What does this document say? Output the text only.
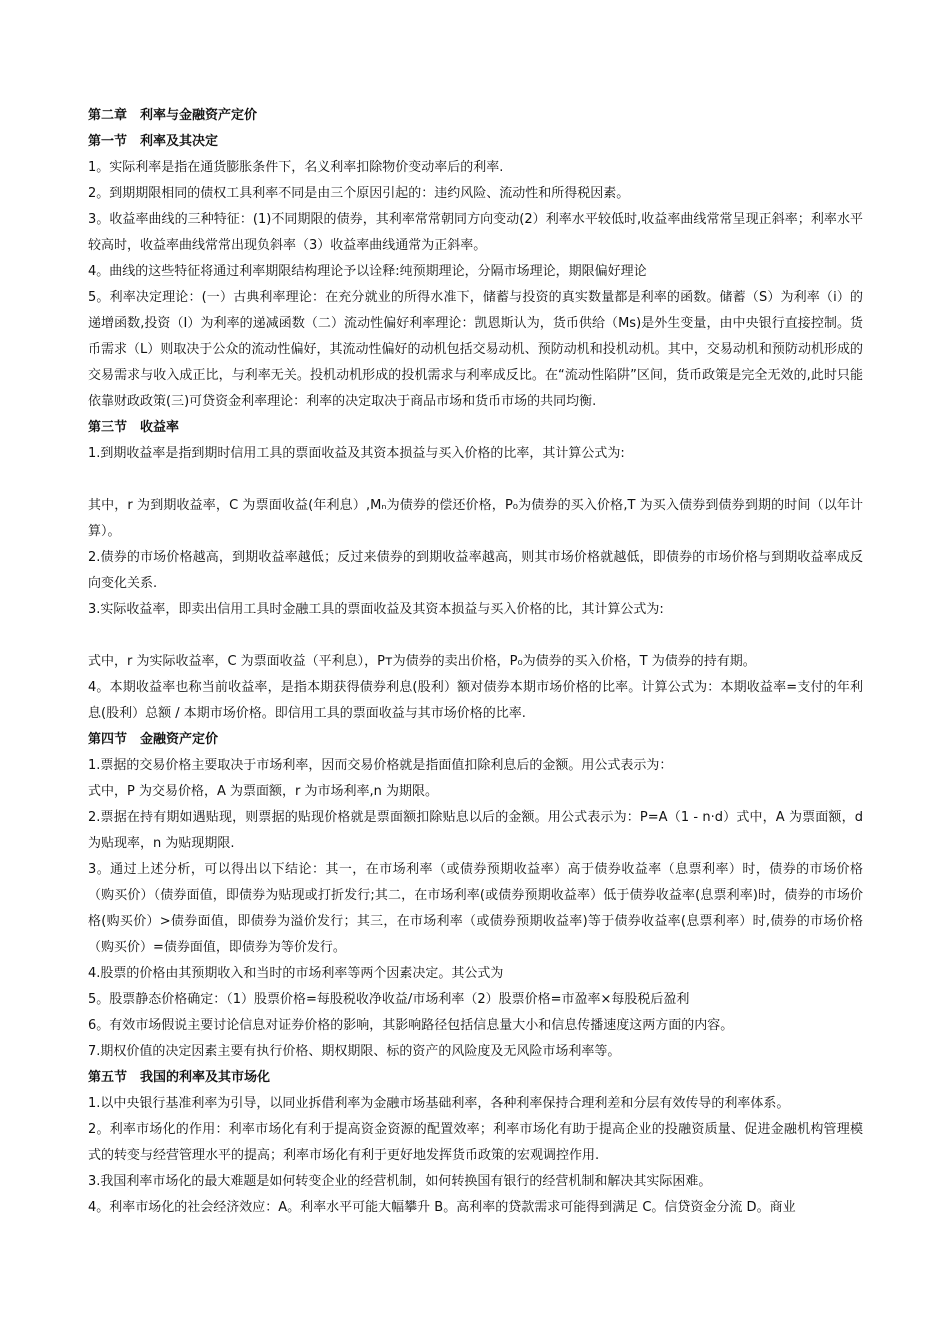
第二章　利率与金融资产定价

第一节　利率及其决定

1。实际利率是指在通货膨胀条件下，名义利率扣除物价变动率后的利率.

2。到期期限相同的债权工具利率不同是由三个原因引起的：违约风险、流动性和所得税因素。

3。收益率曲线的三种特征：(1)不同期限的债券，其利率常常朝同方向变动(2）利率水平较低时,收益率曲线常常呈现正斜率；利率水平较高时，收益率曲线常常出现负斜率（3）收益率曲线通常为正斜率。

4。曲线的这些特征将通过利率期限结构理论予以诠释:纯预期理论，分隔市场理论，期限偏好理论

5。利率决定理论：(一）古典利率理论：在充分就业的所得水准下，储蓄与投资的真实数量都是利率的函数。储蓄（S）为利率（i）的递增函数,投资（I）为利率的递减函数（二）流动性偏好利率理论：凯恩斯认为，货币供给（Ms)是外生变量，由中央银行直接控制。货币需求（L）则取决于公众的流动性偏好，其流动性偏好的动机包括交易动机、预防动机和投机动机。其中，交易动机和预防动机形成的交易需求与收入成正比，与利率无关。投机动机形成的投机需求与利率成反比。在“流动性陷阱”区间，货币政策是完全无效的,此时只能依靠财政政策(三)可贷资金利率理论：利率的决定取决于商品市场和货币市场的共同均衡.

第三节　收益率

1.到期收益率是指到期时信用工具的票面收益及其资本损益与买入价格的比率，其计算公式为:

其中，r 为到期收益率，C 为票面收益(年利息）,Mₙ为债券的偿还价格，P₀为债券的买入价格,T 为买入债券到债券到期的时间（以年计算）。

2.债券的市场价格越高，到期收益率越低；反过来债券的到期收益率越高，则其市场价格就越低，即债券的市场价格与到期收益率成反向变化关系.

3.实际收益率，即卖出信用工具时金融工具的票面收益及其资本损益与买入价格的比，其计算公式为:

式中，r 为实际收益率，C 为票面收益（平利息），Pᴛ为债券的卖出价格，P₀为债券的买入价格，T 为债券的持有期。

4。本期收益率也称当前收益率，是指本期获得债券利息(股利）额对债券本期市场价格的比率。计算公式为：本期收益率=支付的年利息(股利）总额 / 本期市场价格。即信用工具的票面收益与其市场价格的比率.

第四节　金融资产定价

1.票据的交易价格主要取决于市场利率，因而交易价格就是指面值扣除利息后的金额。用公式表示为：

式中，P 为交易价格，A 为票面额，r 为市场利率,n 为期限。

2.票据在持有期如遇贴现，则票据的贴现价格就是票面额扣除贴息以后的金额。用公式表示为：P=A（1 - n·d）式中，A 为票面额，d 为贴现率，n 为贴现期限.

3。通过上述分析，可以得出以下结论：其一，在市场利率（或债券预期收益率）高于债券收益率（息票利率）时，债券的市场价格（购买价）（债券面值，即债券为贴现或打折发行;其二，在市场利率(或债券预期收益率）低于债券收益率(息票利率)时，债券的市场价格(购买价）>债券面值，即债券为溢价发行；其三，在市场利率（或债券预期收益率)等于债券收益率(息票利率）时,债券的市场价格（购买价）=债券面值，即债券为等价发行。

4.股票的价格由其预期收入和当时的市场利率等两个因素决定。其公式为

5。股票静态价格确定：（1）股票价格=每股税收净收益/市场利率（2）股票价格=市盈率×每股税后盈利

6。有效市场假说主要讨论信息对证券价格的影响，其影响路径包括信息量大小和信息传播速度这两方面的内容。

7.期权价值的决定因素主要有执行价格、期权期限、标的资产的风险度及无风险市场利率等。

第五节　我国的利率及其市场化

1.以中央银行基准利率为引导，以同业拆借利率为金融市场基础利率，各种利率保持合理利差和分层有效传导的利率体系。

2。利率市场化的作用：利率市场化有利于提高资金资源的配置效率；利率市场化有助于提高企业的投融资质量、促进金融机构管理模式的转变与经营管理水平的提高；利率市场化有利于更好地发挥货币政策的宏观调控作用.

3.我国利率市场化的最大难题是如何转变企业的经营机制，如何转换国有银行的经营机制和解决其实际困难。

4。利率市场化的社会经济效应：A。利率水平可能大幅攀升 B。高利率的贷款需求可能得到满足 C。信贷资金分流 D。商业
